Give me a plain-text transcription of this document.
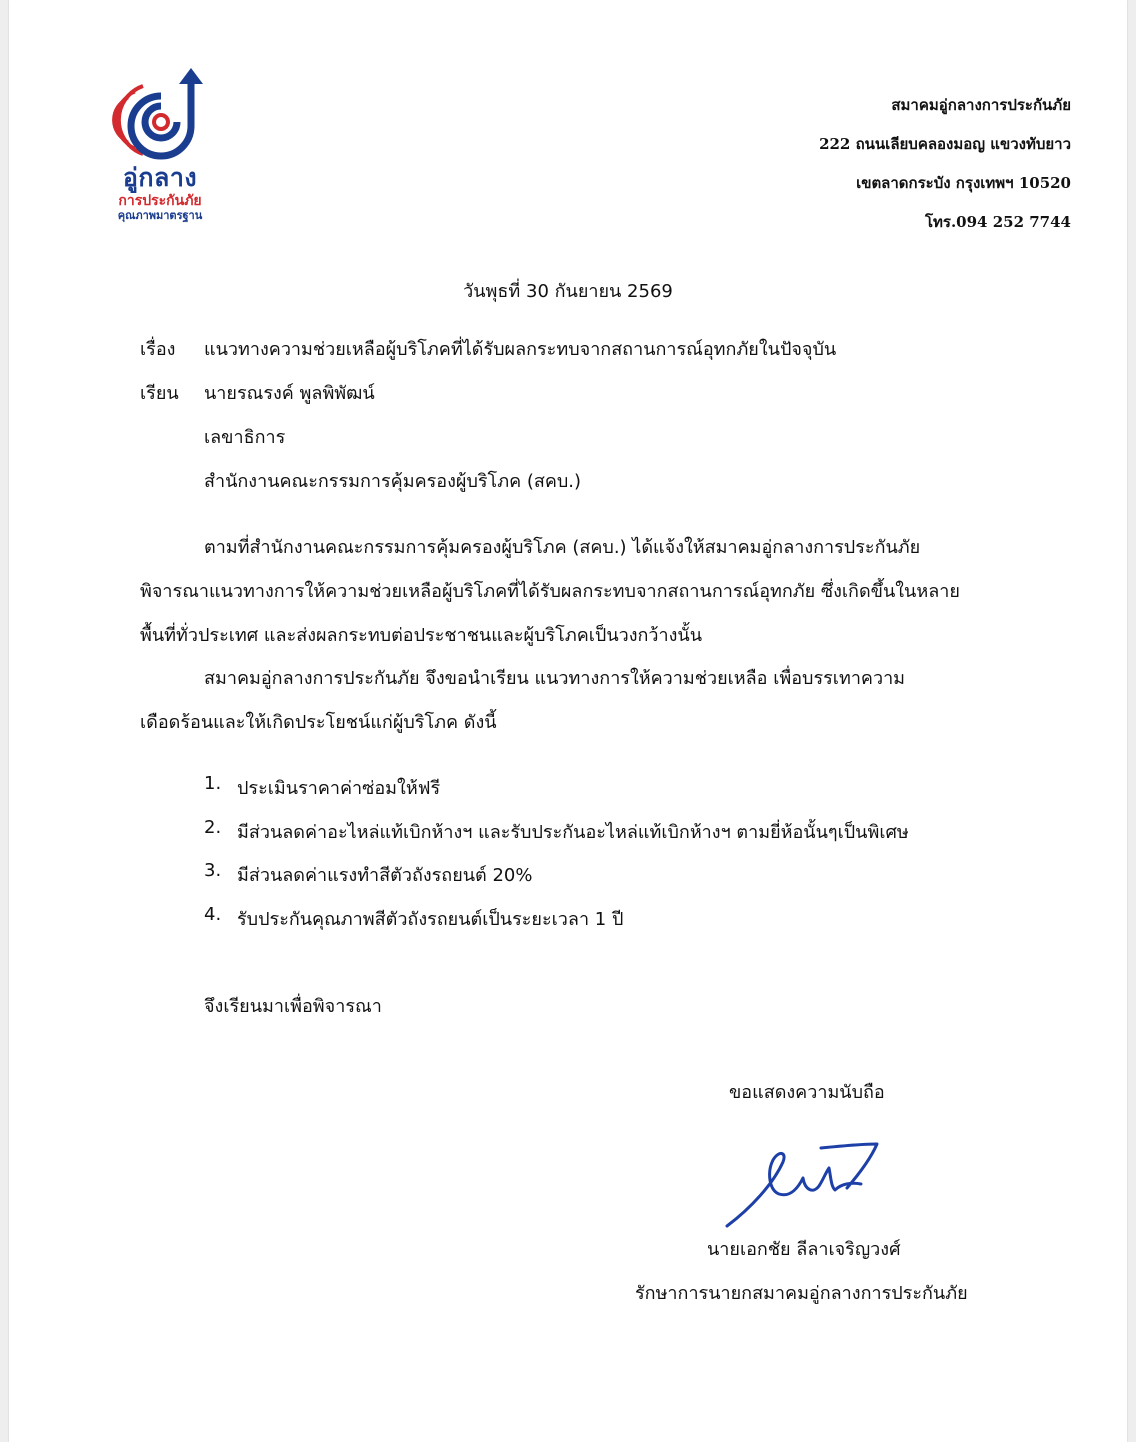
อู่กลาง
การประกันภัย
คุณภาพมาตรฐาน
สมาคมอู่กลางการประกันภัย
222 ถนนเลียบคลองมอญ แขวงทับยาว
เขตลาดกระบัง กรุงเทพฯ 10520
โทร.094 252 7744
วันพุธที่ 30 กันยายน 2569
เรื่อง แนวทางความช่วยเหลือผู้บริโภคที่ได้รับผลกระทบจากสถานการณ์อุทกภัยในปัจจุบัน
เรียน นายรณรงค์ พูลพิพัฒน์
เลขาธิการ
สำนักงานคณะกรรมการคุ้มครองผู้บริโภค (สคบ.)
ตามที่สำนักงานคณะกรรมการคุ้มครองผู้บริโภค (สคบ.) ได้แจ้งให้สมาคมอู่กลางการประกันภัย
พิจารณาแนวทางการให้ความช่วยเหลือผู้บริโภคที่ได้รับผลกระทบจากสถานการณ์อุทกภัย ซึ่งเกิดขึ้นในหลาย
พื้นที่ทั่วประเทศ และส่งผลกระทบต่อประชาชนและผู้บริโภคเป็นวงกว้างนั้น
สมาคมอู่กลางการประกันภัย จึงขอนำเรียน แนวทางการให้ความช่วยเหลือ เพื่อบรรเทาความ
เดือดร้อนและให้เกิดประโยชน์แก่ผู้บริโภค ดังนี้
1. ประเมินราคาค่าซ่อมให้ฟรี
2. มีส่วนลดค่าอะไหล่แท้เบิกห้างฯ และรับประกันอะไหล่แท้เบิกห้างฯ ตามยี่ห้อนั้นๆเป็นพิเศษ
3. มีส่วนลดค่าแรงทำสีตัวถังรถยนต์ 20%
4. รับประกันคุณภาพสีตัวถังรถยนต์เป็นระยะเวลา 1 ปี
จึงเรียนมาเพื่อพิจารณา
ขอแสดงความนับถือ
นายเอกชัย ลีลาเจริญวงศ์
รักษาการนายกสมาคมอู่กลางการประกันภัย
